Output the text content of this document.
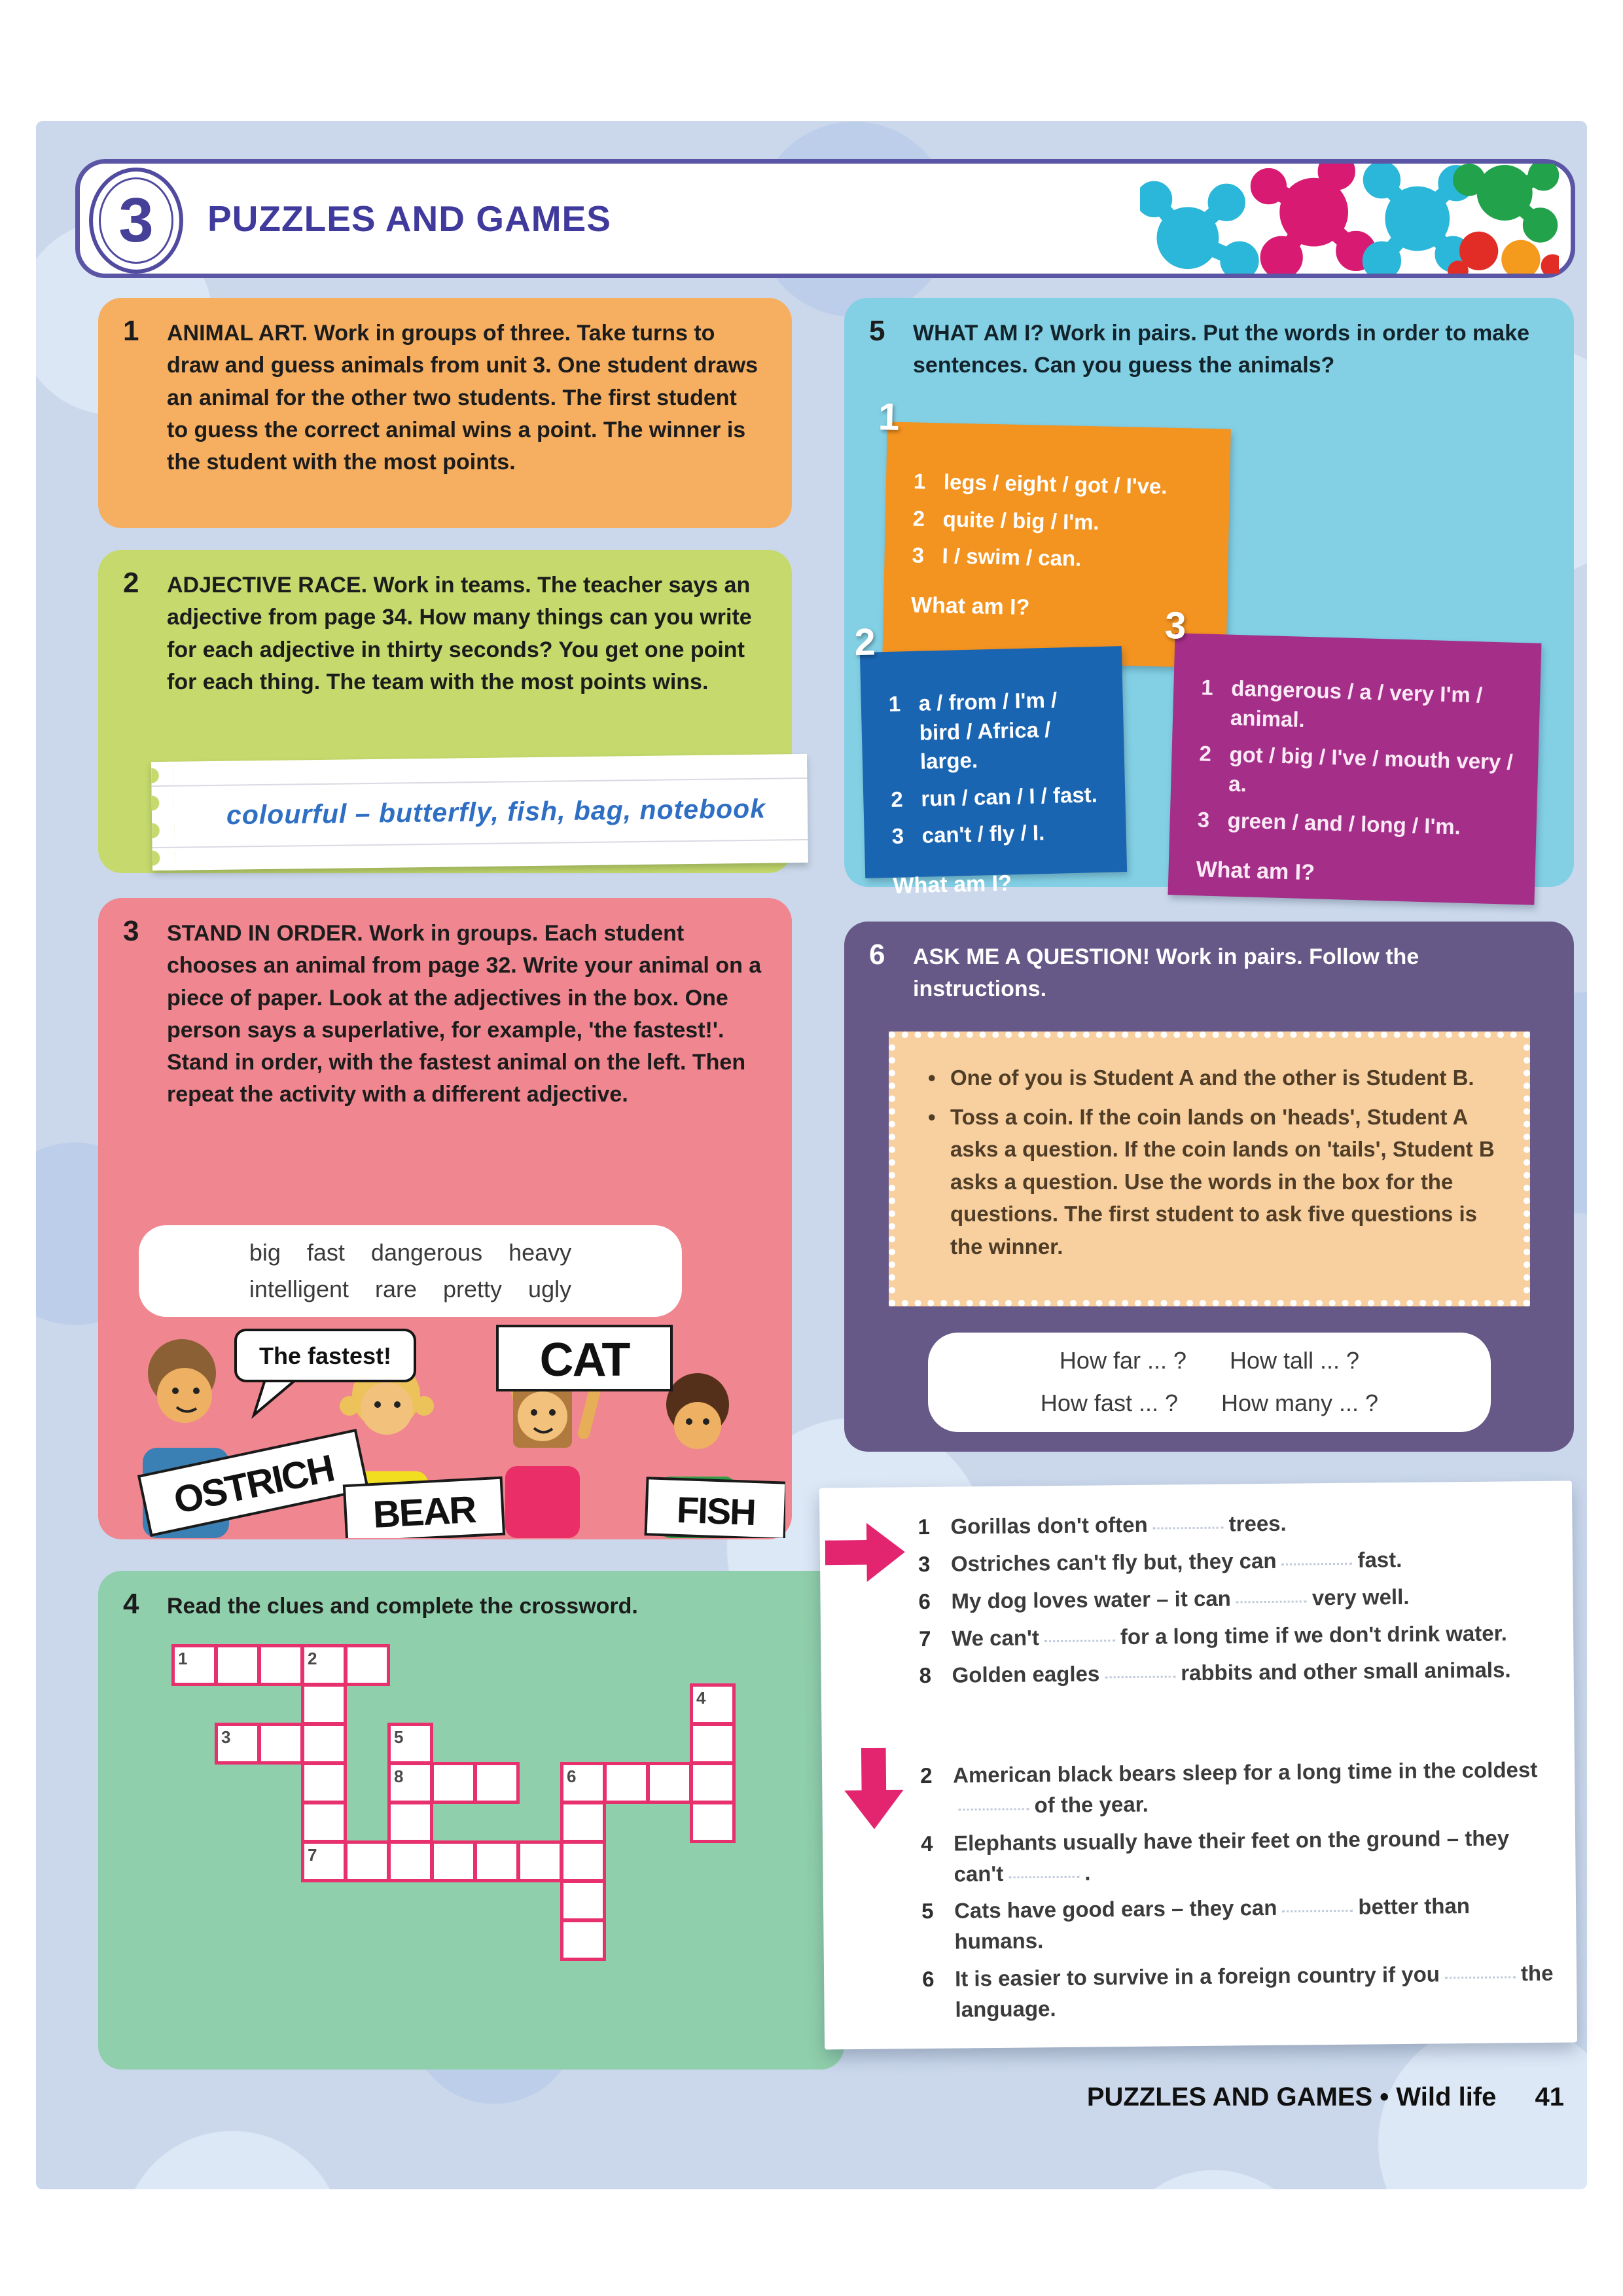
3 PUZZLES AND GAMES
1 ANIMAL ART. Work in groups of three. Take turns to draw and guess animals from unit 3. One student draws an animal for the other two students. The first student to guess the correct animal wins a point. The winner is the student with the most points.
2 ADJECTIVE RACE. Work in teams. The teacher says an adjective from page 34. How many things can you write for each adjective in thirty seconds? You get one point for each thing. The team with the most points wins.
colourful – butterfly, fish, bag, notebook
3 STAND IN ORDER. Work in groups. Each student chooses an animal from page 32. Write your animal on a piece of paper. Look at the adjectives in the box. One person says a superlative, for example, 'the fastest!'. Stand in order, with the fastest animal on the left. Then repeat the activity with a different adjective.
big fast dangerous heavy
intelligent rare pretty ugly
OSTRICH BEAR
CAT
FISH
The fastest!
4 Read the clues and complete the crossword.
1	2
4
3	5
8	6
7
5 WHAT AM I? Work in pairs. Put the words in order to make sentences. Can you guess the animals?
1
1 legs / eight / got / I've.
2 quite / big / I'm.
3 I / swim / can.
What am I?
2
1 a / from / I'm / bird / Africa / large.
2 run / can / I / fast.
3 can't / fly / I.
What am I?
3
1 dangerous / a / very I'm / animal.
2 got / big / I've / mouth very / a.
3 green / and / long / I'm.
What am I?
6 ASK ME A QUESTION! Work in pairs. Follow the instructions.
• One of you is Student A and the other is Student B.
• Toss a coin. If the coin lands on 'heads', Student A asks a question. If the coin lands on 'tails', Student B asks a question. Use the words in the box for the questions. The first student to ask five questions is the winner.
How far ... ? How tall ... ?
How fast ... ? How many ... ?
1 Gorillas don't often	trees.
3 Ostriches can't fly but, they can	fast.
6 My dog loves water – it can	very well.
7 We can't	for a long time if we don't drink water.
8 Golden eagles	rabbits and other small animals.
2 American black bears sleep for a long time in the coldestof the year.
4 Elephants usually have their feet on the ground – they can't	.
5 Cats have good ears – they can	better than humans.
6 It is easier to survive in a foreign country if you	the language.
PUZZLES AND GAMES • Wild life 41
